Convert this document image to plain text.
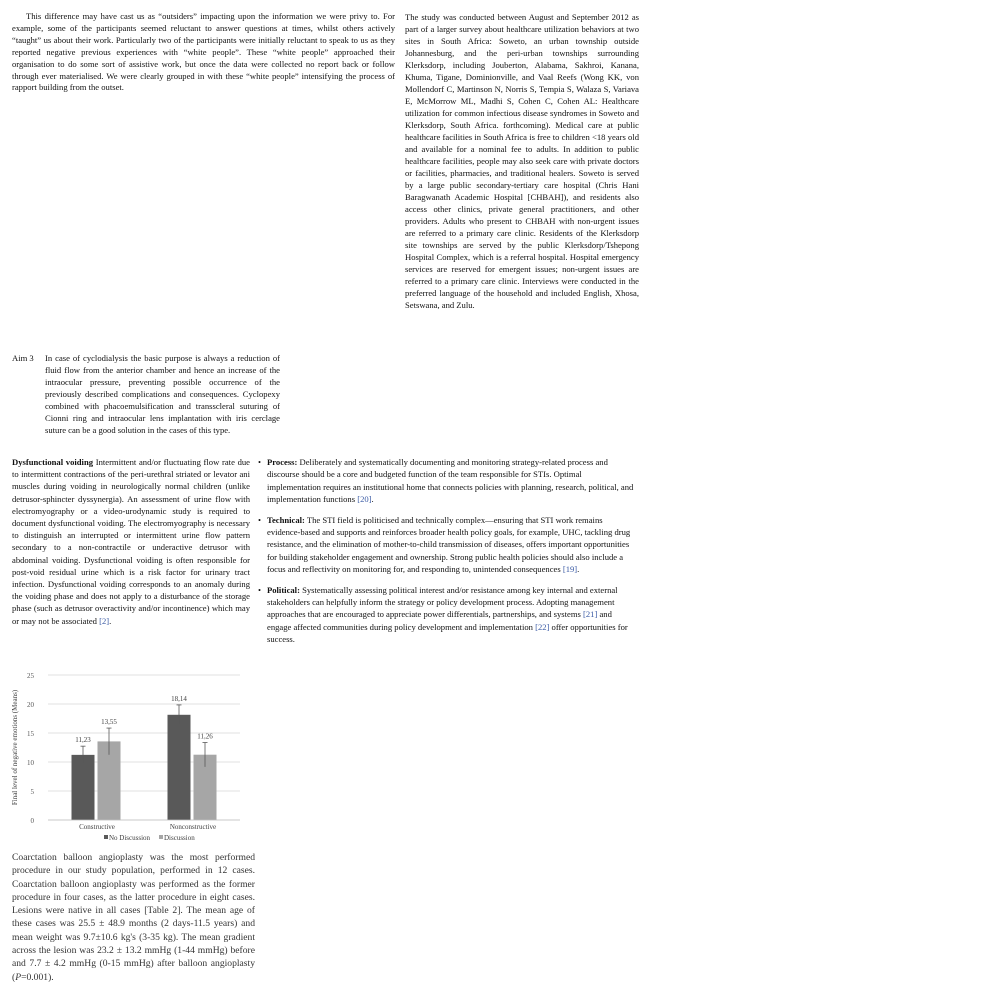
This difference may have cast us as “outsiders” impacting upon the information we were privy to. For example, some of the participants seemed reluctant to answer questions at times, whilst others actively “taught” us about their work. Particularly two of the participants were initially reluctant to speak to us as they reported negative previous experiences with “white people”. These “white people” approached their organisation to do some sort of assistive work, but once the data were collected no report back or follow through ever materialised. We were clearly grouped in with these “white people” intensifying the process of rapport building from the outset.

The study was conducted between August and September 2012 as part of a larger survey about healthcare utilization behaviors at two sites in South Africa: Soweto, an urban township outside Johannesburg, and the peri-urban townships surrounding Klerksdorp, including Jouberton, Alabama, Sakhroi, Kanana, Khuma, Tigane, Dominionville, and Vaal Reefs (Wong KK, von Mollendorf C, Martinson N, Norris S, Tempia S, Walaza S, Variava E, McMorrow ML, Madhi S, Cohen C, Cohen AL: Healthcare utilization for common infectious disease syndromes in Soweto and Klerksdorp, South Africa. forthcoming). Medical care at public healthcare facilities in South Africa is free to children <18 years old and available for a nominal fee to adults. In addition to public healthcare facilities, people may also seek care with private doctors or facilities, pharmacies, and traditional healers. Soweto is served by a large public secondary-tertiary care hospital (Chris Hani Baragwanath Academic Hospital [CHBAH]), and residents also access other clinics, private general practitioners, and other providers. Adults who present to CHBAH with non-urgent issues are referred to a primary care clinic. Residents of the Klerksdorp site townships are served by the public Klerksdorp/Tshepong Hospital Complex, which is a referral hospital. Hospital emergency services are reserved for emergent issues; non-urgent issues are referred to a primary care clinic. Interviews were conducted in the preferred language of the household and included English, Xhosa, Setswana, and Zulu.

Aim 3 In case of cyclodialysis the basic purpose is always a reduction of fluid flow from the anterior chamber and hence an increase of the intraocular pressure, preventing possible occurrence of the previously described complications and consequences. Cyclopexy combined with phacoemulsification and transscleral suturing of Cionni ring and intraocular lens implantation with iris cerclage suture can be a good solution in the cases of this type.

Dysfunctional voiding Intermittent and/or fluctuating flow rate due to intermittent contractions of the peri-urethral striated or levator ani muscles during voiding in neurologically normal children (unlike detrusor-sphincter dyssynergia). An assessment of urine flow with electromyography or a video-urodynamic study is required to document dysfunctional voiding. The electromyography is necessary to distinguish an interrupted or intermittent urine flow pattern secondary to a non-contractile or underactive detrusor with abdominal voiding. Dysfunctional voiding is often responsible for post-void residual urine which is a risk factor for urinary tract infection. Dysfunctional voiding corresponds to an anomaly during the voiding phase and does not apply to a disturbance of the storage phase (such as detrusor overactivity and/or incontinence) which may or may not be associated [2].

• Process: Deliberately and systematically documenting and monitoring strategy-related process and discourse should be a core and budgeted function of the team responsible for STIs. Optimal implementation requires an institutional home that connects policies with planning, research, political, and implementation functions [20].
• Technical: The STI field is politicised and technically complex—ensuring that STI work remains evidence-based and supports and reinforces broader health policy goals, for example, UHC, tackling drug resistance, and the elimination of mother-to-child transmission of diseases, offers important opportunities for building stakeholder engagement and ownership. Strong public health policies should also include a focus and reflectivity on monitoring for, and responding to, unintended consequences [19].
• Political: Systematically assessing political interest and/or resistance among key internal and external stakeholders can helpfully inform the strategy or policy development process. Adopting management approaches that are encouraged to appreciate power differentials, partnerships, and systems [21] and engage affected communities during policy development and implementation [22] offer opportunities for success.
0
5
10
15
20
25
Final level of negative emotions (Means)	11,23
13,55
Constructive
18,14
11,26
Nonconstructive
No Discussion Discussion

Coarctation balloon angioplasty was the most performed procedure in our study population, performed in 12 cases. Coarctation balloon angioplasty was performed as the former procedure in four cases, as the latter procedure in eight cases. Lesions were native in all cases [Table 2]. The mean age of these cases was 25.5 ± 48.9 months (2 days-11.5 years) and mean weight was 9.7±10.6 kg's (3-35 kg). The mean gradient across the lesion was 23.2 ± 13.2 mmHg (1-44 mmHg) before and 7.7 ± 4.2 mmHg (0-15 mmHg) after balloon angioplasty (P=0.001).
